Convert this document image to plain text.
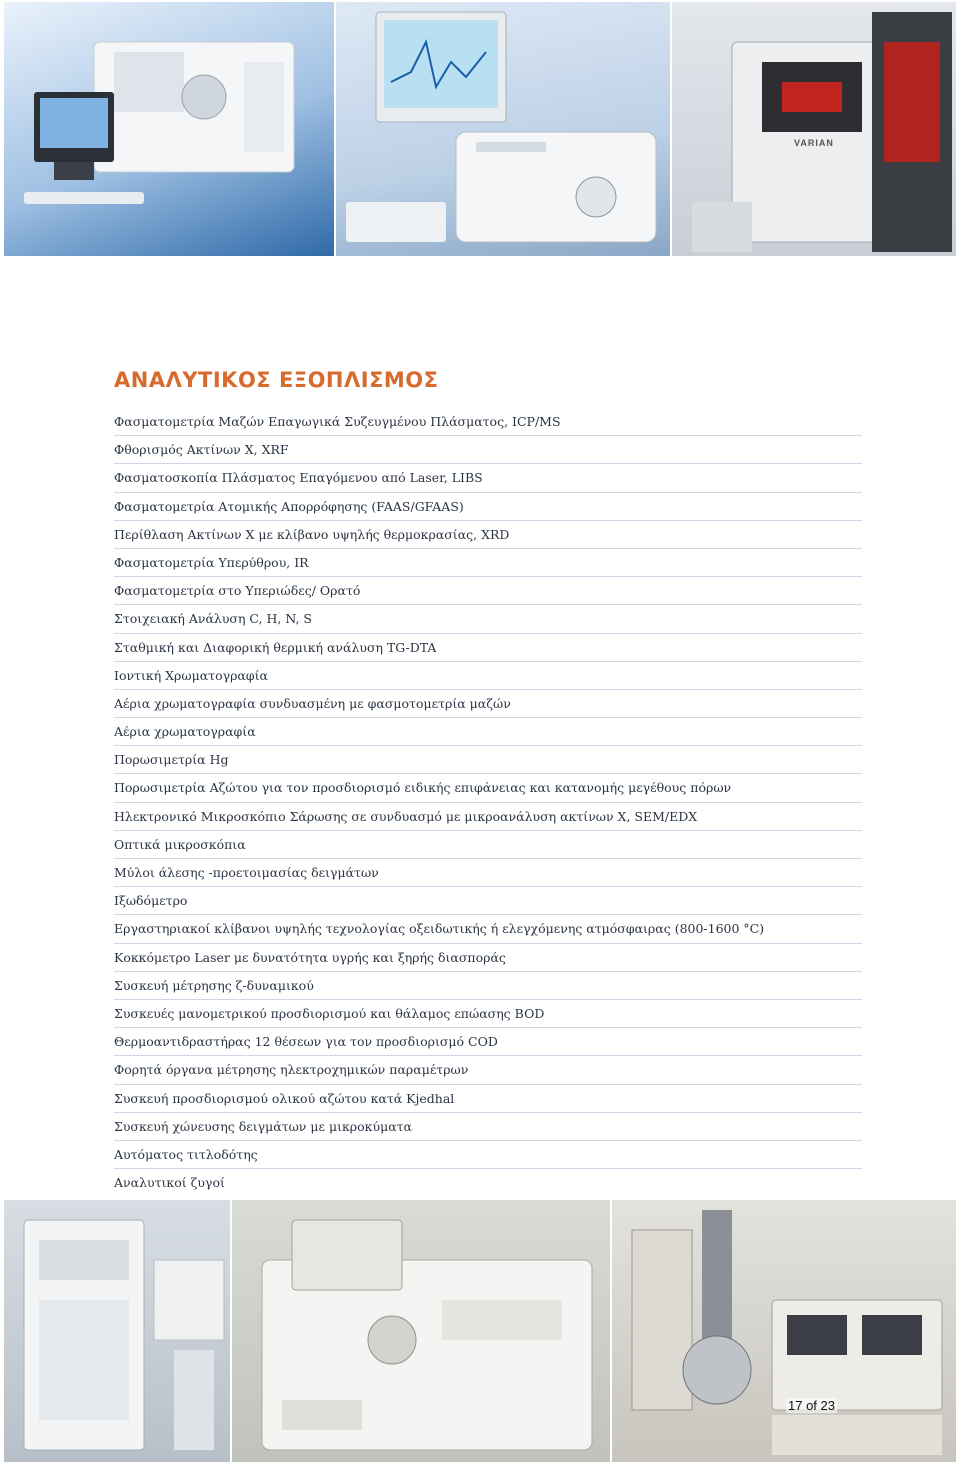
VARIAN
ΑΝΑΛΥΤΙΚΟΣ ΕΞΟΠΛΙΣΜΟΣ
Φασματομετρία Μαζών Επαγωγικά Συζευγμένου Πλάσματος, ICP/MS
Φθορισμός Ακτίνων X, XRF
Φασματοσκοπία Πλάσματος Επαγόμενου από Laser, LIBS
Φασματομετρία Ατομικής Απορρόφησης (FAAS/GFAAS)
Περίθλαση Ακτίνων X με κλίβανο υψηλής θερμοκρασίας, XRD
Φασματομετρία Υπερύθρου, IR
Φασματομετρία στο Υπεριώδες/ Ορατό
Στοιχειακή Ανάλυση C, H, N, S
Σταθμική και Διαφορική θερμική ανάλυση TG-DTA
Ιοντική Χρωματογραφία
Αέρια χρωματογραφία συνδυασμένη με φασμοτομετρία μαζών
Αέρια χρωματογραφία
Πορωσιμετρία Hg
Πορωσιμετρία Αζώτου για τον προσδιορισμό ειδικής επιφάνειας και κατανομής μεγέθους πόρων
Ηλεκτρονικό Μικροσκόπιο Σάρωσης σε συνδυασμό με μικροανάλυση ακτίνων X, SEM/EDX
Οπτικά μικροσκόπια
Μύλοι άλεσης -προετοιμασίας δειγμάτων
Ιξωδόμετρο
Εργαστηριακοί κλίβανοι υψηλής τεχνολογίας οξειδωτικής ή ελεγχόμενης ατμόσφαιρας (800-1600 °C)
Κοκκόμετρο Laser με δυνατότητα υγρής και ξηρής διασποράς
Συσκευή μέτρησης ζ-δυναμικού
Συσκευές μανομετρικού προσδιορισμού και θάλαμος επώασης BOD
Θερμοαντιδραστήρας 12 θέσεων για τον προσδιορισμό COD
Φορητά όργανα μέτρησης ηλεκτροχημικών παραμέτρων
Συσκευή προσδιορισμού ολικού αζώτου κατά Kjedhal
Συσκευή χώνευσης δειγμάτων με μικροκύματα
Αυτόματος τιτλοδότης
Αναλυτικοί ζυγοί
17 of 23
